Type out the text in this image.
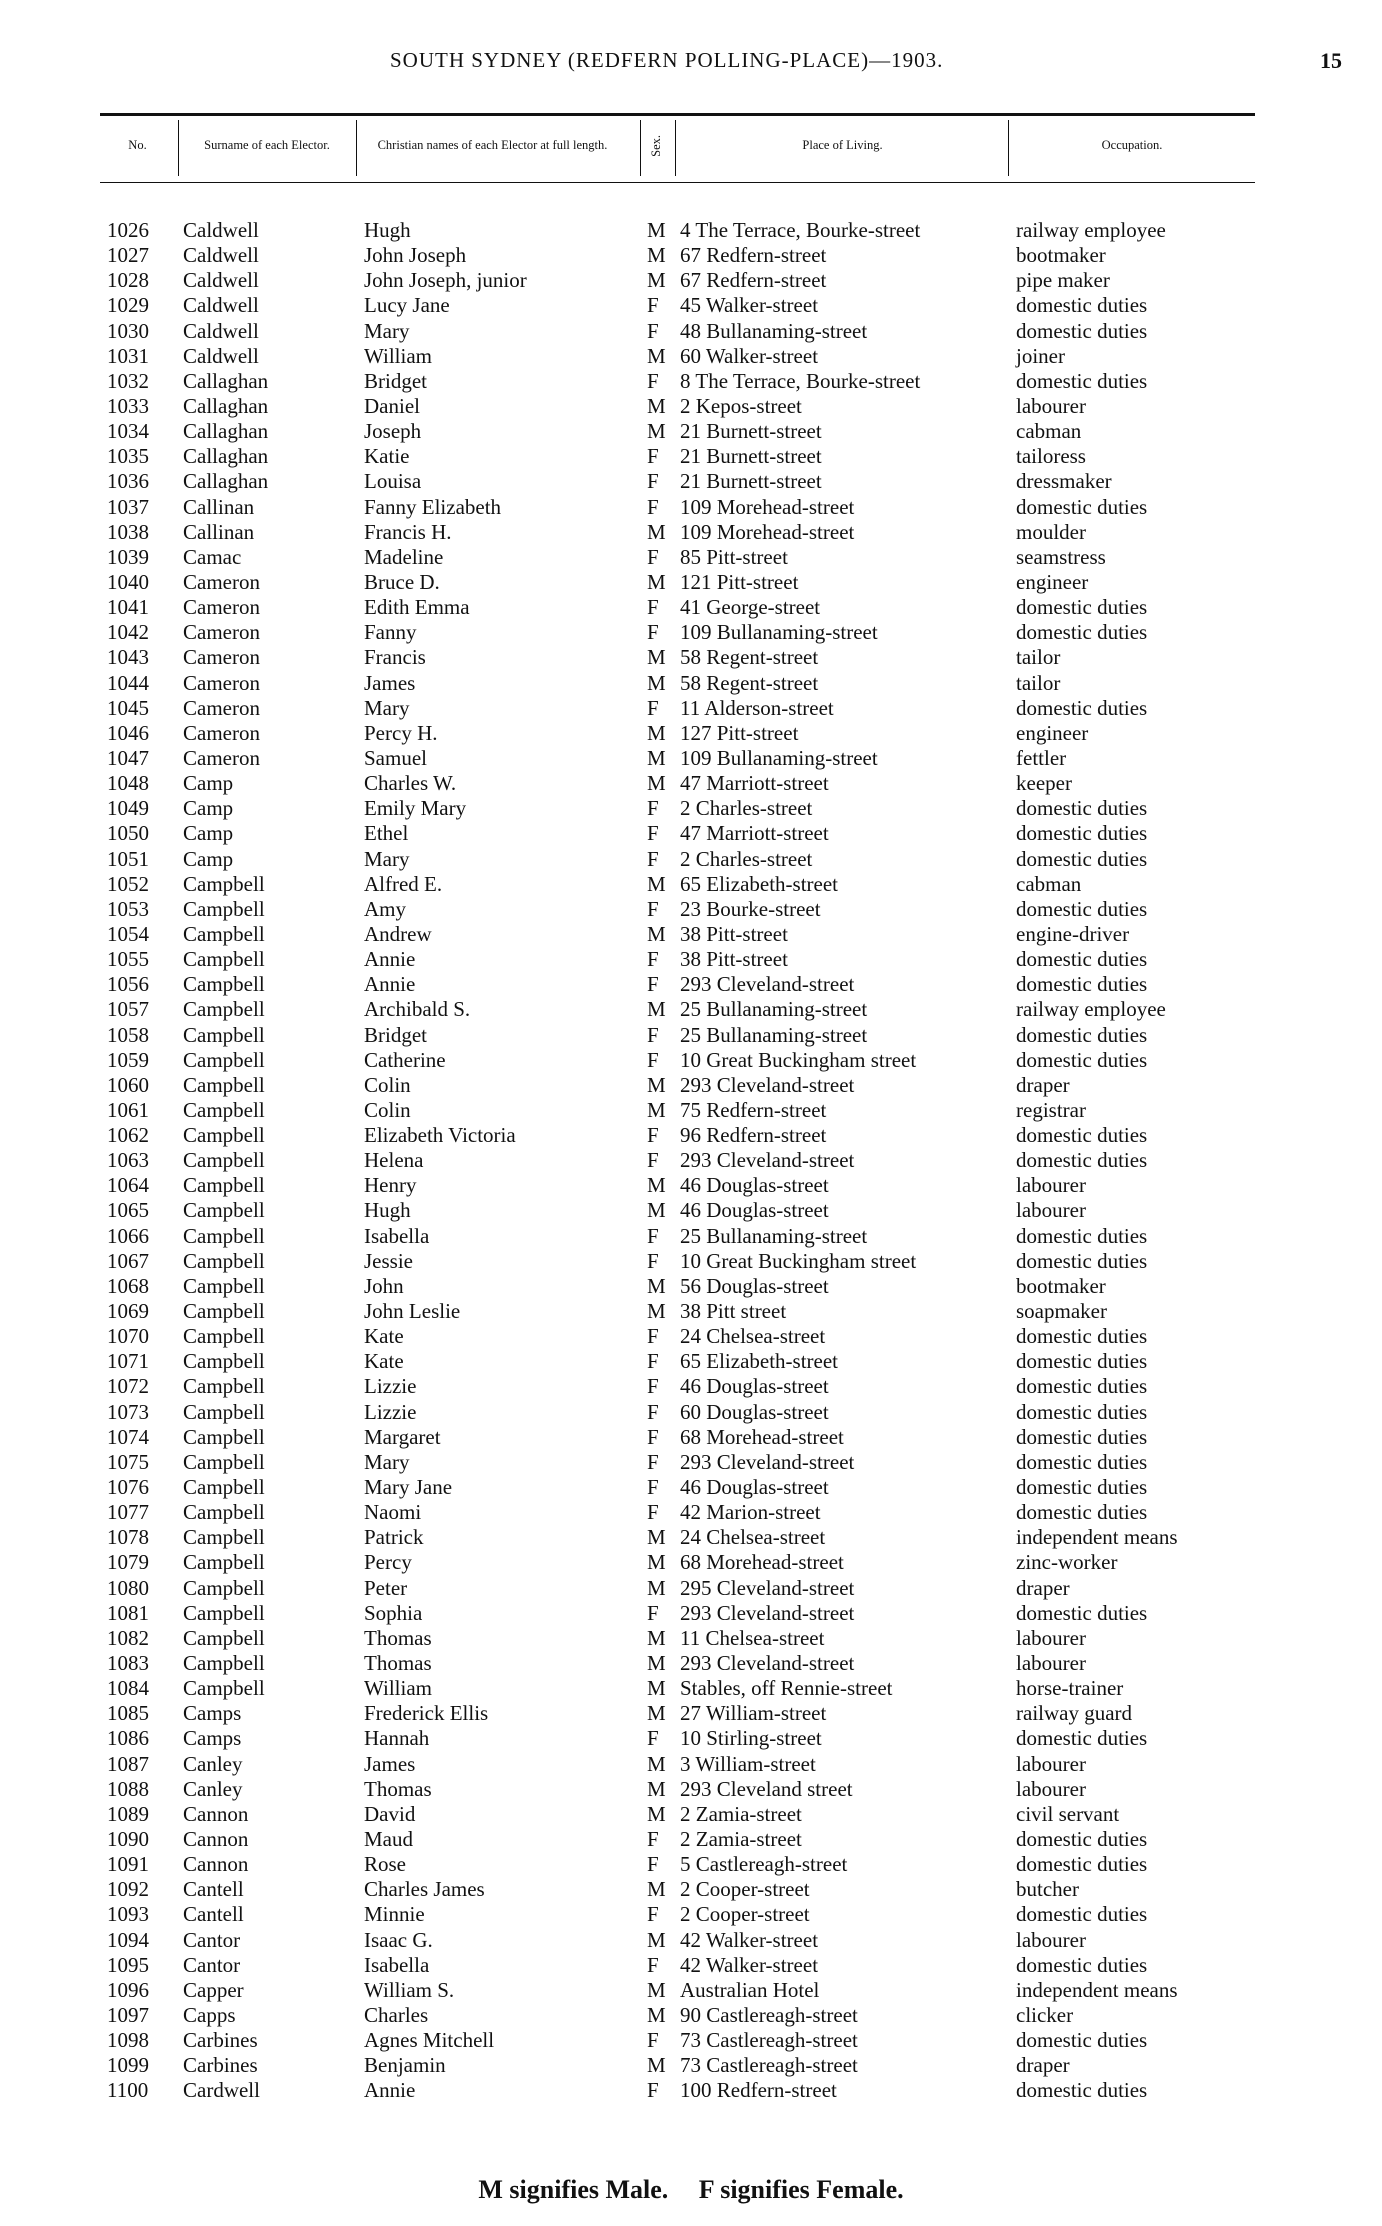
SOUTH SYDNEY (REDFERN POLLING-PLACE)—1903.	15
No.	Surname of each Elector.	Christian names of each Elector at full length.	Sex.	Place of Living.	Occupation.
1026 Caldwell	Hugh	M 4 The Terrace, Bourke-street	railway employee
1027 Caldwell	John Joseph	M 67 Redfern-street	bootmaker
1028 Caldwell	John Joseph, junior	M 67 Redfern-street	pipe maker
1029 Caldwell	Lucy Jane	F 45 Walker-street	domestic duties
1030 Caldwell	Mary	F 48 Bullanaming-street	domestic duties
1031 Caldwell	William	M 60 Walker-street	joiner
1032 Callaghan	Bridget	F 8 The Terrace, Bourke-street	domestic duties
1033 Callaghan	Daniel	M 2 Kepos-street	labourer
1034 Callaghan	Joseph	M 21 Burnett-street	cabman
1035 Callaghan	Katie	F 21 Burnett-street	tailoress
1036 Callaghan	Louisa	F 21 Burnett-street	dressmaker
1037 Callinan	Fanny Elizabeth	F 109 Morehead-street	domestic duties
1038 Callinan	Francis H.	M 109 Morehead-street	moulder
1039 Camac	Madeline	F 85 Pitt-street	seamstress
1040 Cameron	Bruce D.	M 121 Pitt-street	engineer
1041 Cameron	Edith Emma	F 41 George-street	domestic duties
1042 Cameron	Fanny	F 109 Bullanaming-street	domestic duties
1043 Cameron	Francis	M 58 Regent-street	tailor
1044 Cameron	James	M 58 Regent-street	tailor
1045 Cameron	Mary	F 11 Alderson-street	domestic duties
1046 Cameron	Percy H.	M 127 Pitt-street	engineer
1047 Cameron	Samuel	M 109 Bullanaming-street	fettler
1048 Camp	Charles W.	M 47 Marriott-street	keeper
1049 Camp	Emily Mary	F 2 Charles-street	domestic duties
1050 Camp	Ethel	F 47 Marriott-street	domestic duties
1051 Camp	Mary	F 2 Charles-street	domestic duties
1052 Campbell	Alfred E.	M 65 Elizabeth-street	cabman
1053 Campbell	Amy	F 23 Bourke-street	domestic duties
1054 Campbell	Andrew	M 38 Pitt-street	engine-driver
1055 Campbell	Annie	F 38 Pitt-street	domestic duties
1056 Campbell	Annie	F 293 Cleveland-street	domestic duties
1057 Campbell	Archibald S.	M 25 Bullanaming-street	railway employee
1058 Campbell	Bridget	F 25 Bullanaming-street	domestic duties
1059 Campbell	Catherine	F 10 Great Buckingham street	domestic duties
1060 Campbell	Colin	M 293 Cleveland-street	draper
1061 Campbell	Colin	M 75 Redfern-street	registrar
1062 Campbell	Elizabeth Victoria	F 96 Redfern-street	domestic duties
1063 Campbell	Helena	F 293 Cleveland-street	domestic duties
1064 Campbell	Henry	M 46 Douglas-street	labourer
1065 Campbell	Hugh	M 46 Douglas-street	labourer
1066 Campbell	Isabella	F 25 Bullanaming-street	domestic duties
1067 Campbell	Jessie	F 10 Great Buckingham street	domestic duties
1068 Campbell	John	M 56 Douglas-street	bootmaker
1069 Campbell	John Leslie	M 38 Pitt street	soapmaker
1070 Campbell	Kate	F 24 Chelsea-street	domestic duties
1071 Campbell	Kate	F 65 Elizabeth-street	domestic duties
1072 Campbell	Lizzie	F 46 Douglas-street	domestic duties
1073 Campbell	Lizzie	F 60 Douglas-street	domestic duties
1074 Campbell	Margaret	F 68 Morehead-street	domestic duties
1075 Campbell	Mary	F 293 Cleveland-street	domestic duties
1076 Campbell	Mary Jane	F 46 Douglas-street	domestic duties
1077 Campbell	Naomi	F 42 Marion-street	domestic duties
1078 Campbell	Patrick	M 24 Chelsea-street	independent means
1079 Campbell	Percy	M 68 Morehead-street	zinc-worker
1080 Campbell	Peter	M 295 Cleveland-street	draper
1081 Campbell	Sophia	F 293 Cleveland-street	domestic duties
1082 Campbell	Thomas	M 11 Chelsea-street	labourer
1083 Campbell	Thomas	M 293 Cleveland-street	labourer
1084 Campbell	William	M Stables, off Rennie-street	horse-trainer
1085 Camps	Frederick Ellis	M 27 William-street	railway guard
1086 Camps	Hannah	F 10 Stirling-street	domestic duties
1087 Canley	James	M 3 William-street	labourer
1088 Canley	Thomas	M 293 Cleveland street	labourer
1089 Cannon	David	M 2 Zamia-street	civil servant
1090 Cannon	Maud	F 2 Zamia-street	domestic duties
1091 Cannon	Rose	F 5 Castlereagh-street	domestic duties
1092 Cantell	Charles James	M 2 Cooper-street	butcher
1093 Cantell	Minnie	F 2 Cooper-street	domestic duties
1094 Cantor	Isaac G.	M 42 Walker-street	labourer
1095 Cantor	Isabella	F 42 Walker-street	domestic duties
1096 Capper	William S.	M Australian Hotel	independent means
1097 Capps	Charles	M 90 Castlereagh-street	clicker
1098 Carbines	Agnes Mitchell	F 73 Castlereagh-street	domestic duties
1099 Carbines	Benjamin	M 73 Castlereagh-street	draper
1100 Cardwell	Annie	F 100 Redfern-street	domestic duties
M signifies Male. F signifies Female.
